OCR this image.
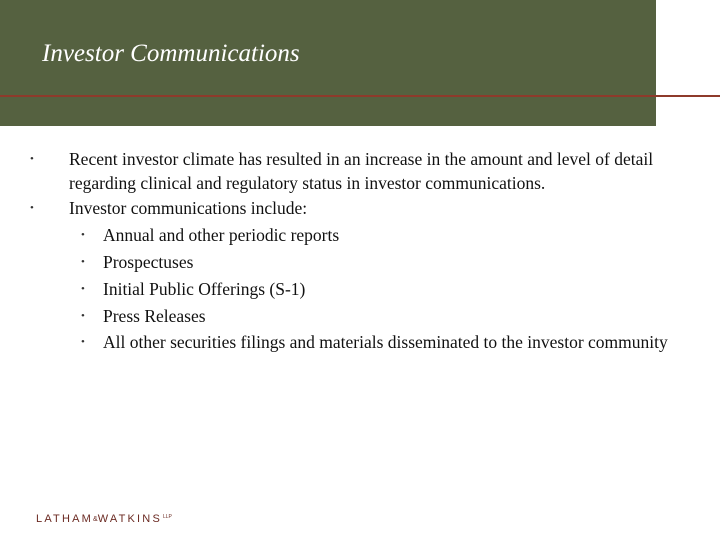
Investor Communications
• Recent investor climate has resulted in an increase in the amount and level of detail regarding clinical and regulatory status in investor communications.
• Investor communications include:
• Annual and other periodic reports
• Prospectuses
• Initial Public Offerings (S-1)
• Press Releases
• All other securities filings and materials disseminated to the investor community
$LATHAM\&WATKINS^{LLP}$
